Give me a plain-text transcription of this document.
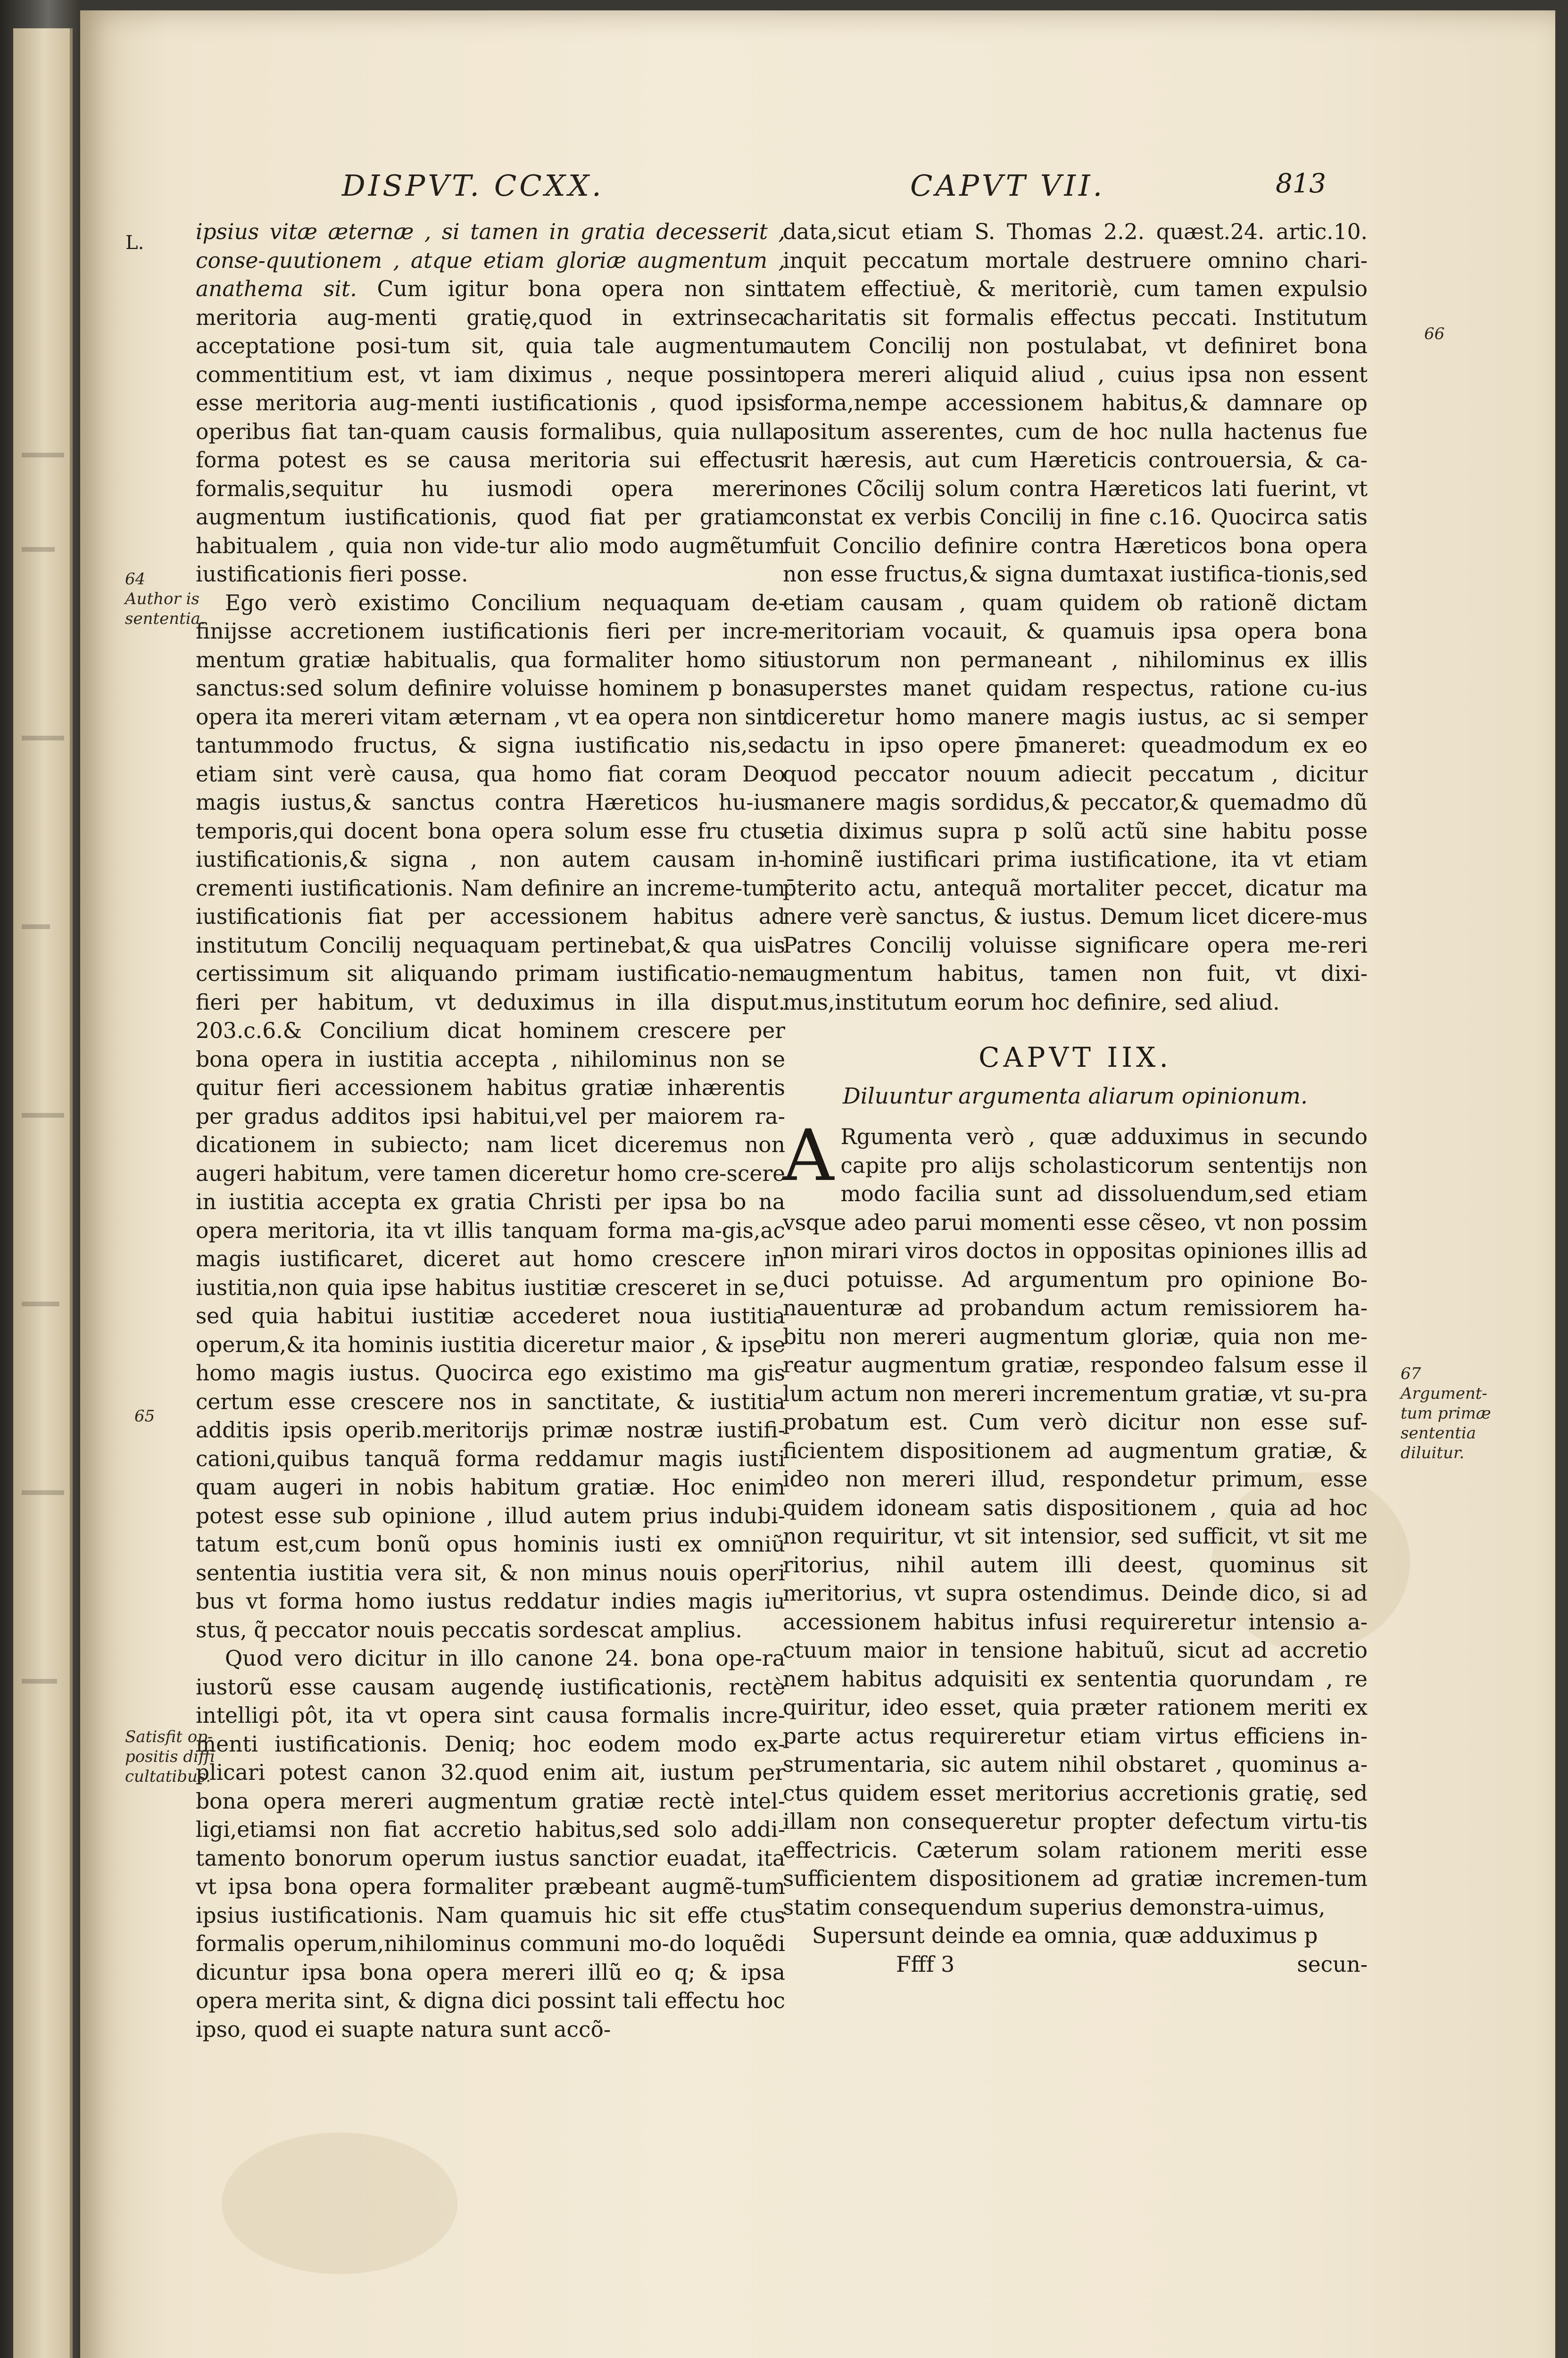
DISPVT. CCXX.	CAPVT VII.	813
L. ipsius vitæ æternæ , si tamen in gratia decesserit , conse-quutionem , atque etiam gloriæ augmentum , anathema sit. Cum igitur bona opera non sint meritoria aug-menti gratię,quod in extrinseca acceptatione posi-tum sit, quia tale augmentum commentitium est, vt iam diximus , neque possint esse meritoria aug-menti iustificationis , quod ipsis operibus fiat tan-quam causis formalibus, quia nulla forma potest es se causa meritoria sui effectus formalis,sequitur hu iusmodi opera mereri augmentum iustificationis, quod fiat per gratiam habitualem , quia non vide-tur alio modo augmẽtum iustificationis fieri posse.

Ego verò existimo Concilium nequaquam de-finijsse accretionem iustificationis fieri per incre-mentum gratiæ habitualis, qua formaliter homo sit sanctus:sed solum definire voluisse hominem p bona opera ita mereri vitam æternam , vt ea opera non sint tantummodo fructus, & signa iustificatio nis,sed etiam sint verè causa, qua homo fiat coram Deo magis iustus,& sanctus contra Hæreticos hu-ius temporis,qui docent bona opera solum esse fru ctus iustificationis,& signa , non autem causam in-crementi iustificationis. Nam definire an increme-tum iustificationis fiat per accessionem habitus ad institutum Concilij nequaquam pertinebat,& qua uis certissimum sit aliquando primam iustificatio-nem fieri per habitum, vt deduximus in illa disput. 203.c.6.& Concilium dicat hominem crescere per bona opera in iustitia accepta , nihilominus non se quitur fieri accessionem habitus gratiæ inhærentis per gradus additos ipsi habitui,vel per maiorem ra-dicationem in subiecto; nam licet diceremus non augeri habitum, vere tamen diceretur homo cre-scere in iustitia accepta ex gratia Christi per ipsa bo na opera meritoria, ita vt illis tanquam forma ma-gis,ac magis iustificaret, diceret aut homo crescere in iustitia,non quia ipse habitus iustitiæ cresceret in se, sed quia habitui iustitiæ accederet noua iustitia operum,& ita hominis iustitia diceretur maior , & ipse homo magis iustus. Quocirca ego existimo ma gis certum esse crescere nos in sanctitate, & iustitia additis ipsis operib.meritorijs primæ nostræ iustifi-cationi,quibus tanquã forma reddamur magis iusti quam augeri in nobis habitum gratiæ. Hoc enim potest esse sub opinione , illud autem prius indubi-tatum est,cum bonũ opus hominis iusti ex omniũ sententia iustitia vera sit, & non minus nouis operi bus vt forma homo iustus reddatur indies magis iu stus, q̃ peccator nouis peccatis sordescat amplius.

Quod vero dicitur in illo canone 24. bona ope-ra iustorũ esse causam augendę iustificationis, rectè intelligi pôt, ita vt opera sint causa formalis incre-menti iustificationis. Deniq; hoc eodem modo ex-plicari potest canon 32.quod enim ait, iustum per bona opera mereri augmentum gratiæ rectè intel-ligi,etiamsi non fiat accretio habitus,sed solo addi-tamento bonorum operum iustus sanctior euadat, ita vt ipsa bona opera formaliter præbeant augmẽ-tum ipsius iustificationis. Nam quamuis hic sit effe ctus formalis operum,nihilominus communi mo-do loquẽdi dicuntur ipsa bona opera mereri illũ eo q; & ipsa opera merita sint, & digna dici possint tali effectu hoc ipso, quod ei suapte natura sunt accõ-

data,sicut etiam S. Thomas 2.2. quæst.24. artic.10. inquit peccatum mortale destruere omnino chari-tatem effectiuè, & meritoriè, cum tamen expulsio charitatis sit formalis effectus peccati. Institutum autem Concilij non postulabat, vt definiret bona opera mereri aliquid aliud , cuius ipsa non essent forma,nempe accessionem habitus,& damnare op positum asserentes, cum de hoc nulla hactenus fue rit hæresis, aut cum Hæreticis controuersia, & ca-nones Cõcilij solum contra Hæreticos lati fuerint, vt constat ex verbis Concilij in fine c.16. Quocirca satis fuit Concilio definire contra Hæreticos bona opera non esse fructus,& signa dumtaxat iustifica-tionis,sed etiam causam , quam quidem ob rationẽ dictam meritoriam vocauit, & quamuis ipsa opera bona iustorum non permaneant , nihilominus ex illis superstes manet quidam respectus, ratione cu-ius diceretur homo manere magis iustus, ac si semper actu in ipso opere p̄maneret: queadmodum ex eo quod peccator nouum adiecit peccatum , dicitur manere magis sordidus,& peccator,& quemadmo dũ etia diximus supra p solũ actũ sine habitu posse hominẽ iustificari prima iustificatione, ita vt etiam p̄terito actu, antequã mortaliter peccet, dicatur ma nere verè sanctus, & iustus. Demum licet dicere-mus Patres Concilij voluisse significare opera me-reri augmentum habitus, tamen non fuit, vt dixi-mus,institutum eorum hoc definire, sed aliud.

CAPVT IIX.
Diluuntur argumenta aliarum opinionum.

A Rgumenta verò , quæ adduximus in secundo capite pro alijs scholasticorum sententijs non modo facilia sunt ad dissoluendum,sed etiam vsque adeo parui momenti esse cẽseo, vt non possim non mirari viros doctos in oppositas opiniones illis ad duci potuisse. Ad argumentum pro opinione Bo-nauenturæ ad probandum actum remissiorem ha-bitu non mereri augmentum gloriæ, quia non me-reatur augmentum gratiæ, respondeo falsum esse il lum actum non mereri incrementum gratiæ, vt su-pra probatum est. Cum verò dicitur non esse suf-ficientem dispositionem ad augmentum gratiæ, & ideo non mereri illud, respondetur primum, esse quidem idoneam satis dispositionem , quia ad hoc non requiritur, vt sit intensior, sed sufficit, vt sit me ritorius, nihil autem illi deest, quominus sit meritorius, vt supra ostendimus. Deinde dico, si ad accessionem habitus infusi requireretur intensio a-ctuum maior in tensione habituũ, sicut ad accretio nem habitus adquisiti ex sententia quorundam , re quiritur, ideo esset, quia præter rationem meriti ex parte actus requireretur etiam virtus efficiens in-strumentaria, sic autem nihil obstaret , quominus a-ctus quidem esset meritorius accretionis gratię, sed illam non consequeretur propter defectum virtu-tis effectricis. Cæterum solam rationem meriti esse sufficientem dispositionem ad gratiæ incremen-tum statim consequendum superius demonstra-uimus,

Supersunt deinde ea omnia, quæ adduximus p

Ffff 3	secun-
64
Author is
sententia.
65
Satisfit op-
positis diffi
cultatibus.
66
67
Argument-
tum primæ
sententia
diluitur.
